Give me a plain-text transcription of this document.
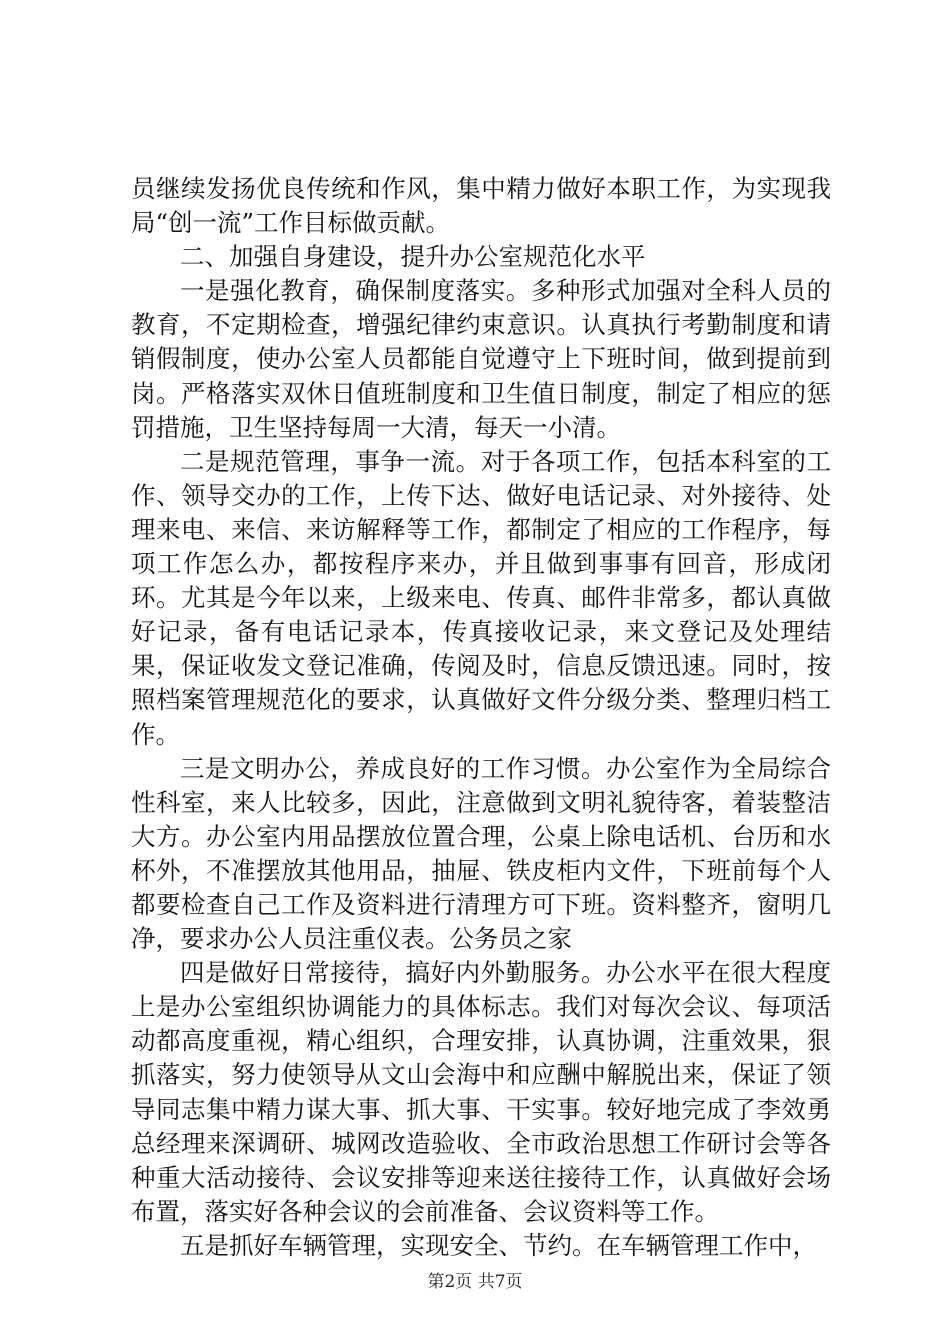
员继续发扬优良传统和作风，集中精力做好本职工作，为实现我局“创一流”工作目标做贡献。

二、加强自身建设，提升办公室规范化水平

一是强化教育，确保制度落实。多种形式加强对全科人员的教育，不定期检查，增强纪律约束意识。认真执行考勤制度和请销假制度，使办公室人员都能自觉遵守上下班时间，做到提前到岗。严格落实双休日值班制度和卫生值日制度，制定了相应的惩罚措施，卫生坚持每周一大清，每天一小清。

二是规范管理，事争一流。对于各项工作，包括本科室的工作、领导交办的工作，上传下达、做好电话记录、对外接待、处理来电、来信、来访解释等工作，都制定了相应的工作程序，每项工作怎么办，都按程序来办，并且做到事事有回音，形成闭环。尤其是今年以来，上级来电、传真、邮件非常多，都认真做好记录，备有电话记录本，传真接收记录，来文登记及处理结果，保证收发文登记准确，传阅及时，信息反馈迅速。同时，按照档案管理规范化的要求，认真做好文件分级分类、整理归档工作。

三是文明办公，养成良好的工作习惯。办公室作为全局综合性科室，来人比较多，因此，注意做到文明礼貌待客，着装整洁大方。办公室内用品摆放位置合理，公桌上除电话机、台历和水杯外，不准摆放其他用品，抽屉、铁皮柜内文件，下班前每个人都要检查自己工作及资料进行清理方可下班。资料整齐，窗明几净，要求办公人员注重仪表。公务员之家

四是做好日常接待，搞好内外勤服务。办公水平在很大程度上是办公室组织协调能力的具体标志。我们对每次会议、每项活动都高度重视，精心组织，合理安排，认真协调，注重效果，狠抓落实，努力使领导从文山会海中和应酬中解脱出来，保证了领导同志集中精力谋大事、抓大事、干实事。较好地完成了李效勇总经理来深调研、城网改造验收、全市政治思想工作研讨会等各种重大活动接待、会议安排等迎来送往接待工作，认真做好会场布置，落实好各种会议的会前准备、会议资料等工作。

五是抓好车辆管理，实现安全、节约。在车辆管理工作中，

第2页 共7页
